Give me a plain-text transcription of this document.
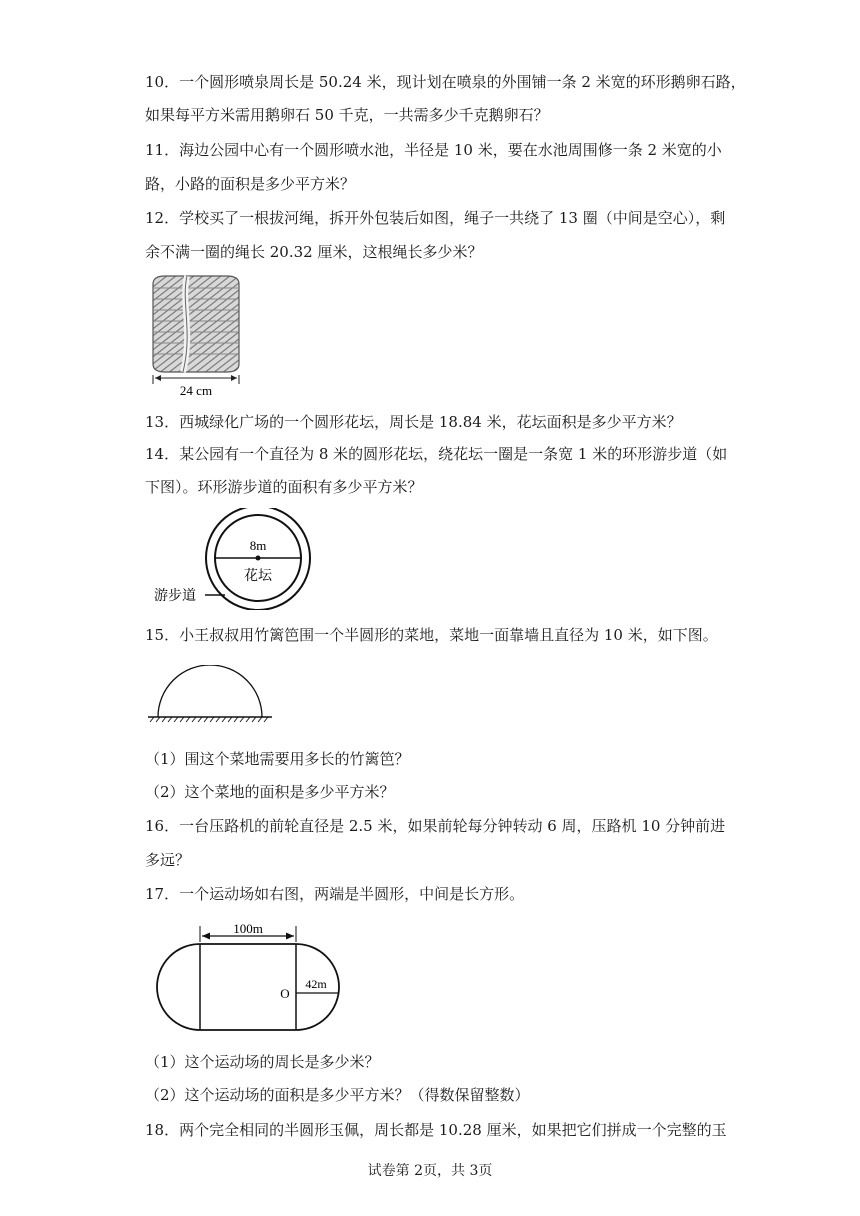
10．一个圆形喷泉周长是 50.24 米，现计划在喷泉的外围铺一条 2 米宽的环形鹅卵石路，
如果每平方米需用鹅卵石 50 千克，一共需多少千克鹅卵石？
11．海边公园中心有一个圆形喷水池，半径是 10 米，要在水池周围修一条 2 米宽的小
路，小路的面积是多少平方米？
12．学校买了一根拔河绳，拆开外包装后如图，绳子一共绕了 13 圈（中间是空心），剩
余不满一圈的绳长 20.32 厘米，这根绳长多少米？
24 cm
13．西城绿化广场的一个圆形花坛，周长是 18.84 米，花坛面积是多少平方米？
14．某公园有一个直径为 8 米的圆形花坛，绕花坛一圈是一条宽 1 米的环形游步道（如
下图）。环形游步道的面积有多少平方米？
8m
花坛
游步道
15．小王叔叔用竹篱笆围一个半圆形的菜地，菜地一面靠墙且直径为 10 米，如下图。
（1）围这个菜地需要用多长的竹篱笆？
（2）这个菜地的面积是多少平方米？
16．一台压路机的前轮直径是 2.5 米，如果前轮每分钟转动 6 周，压路机 10 分钟前进
多远？
17．一个运动场如右图，两端是半圆形，中间是长方形。
100m
42m
O
（1）这个运动场的周长是多少米？
（2）这个运动场的面积是多少平方米？（得数保留整数）
18．两个完全相同的半圆形玉佩，周长都是 10.28 厘米，如果把它们拼成一个完整的玉
试卷第 2页，共 3页
